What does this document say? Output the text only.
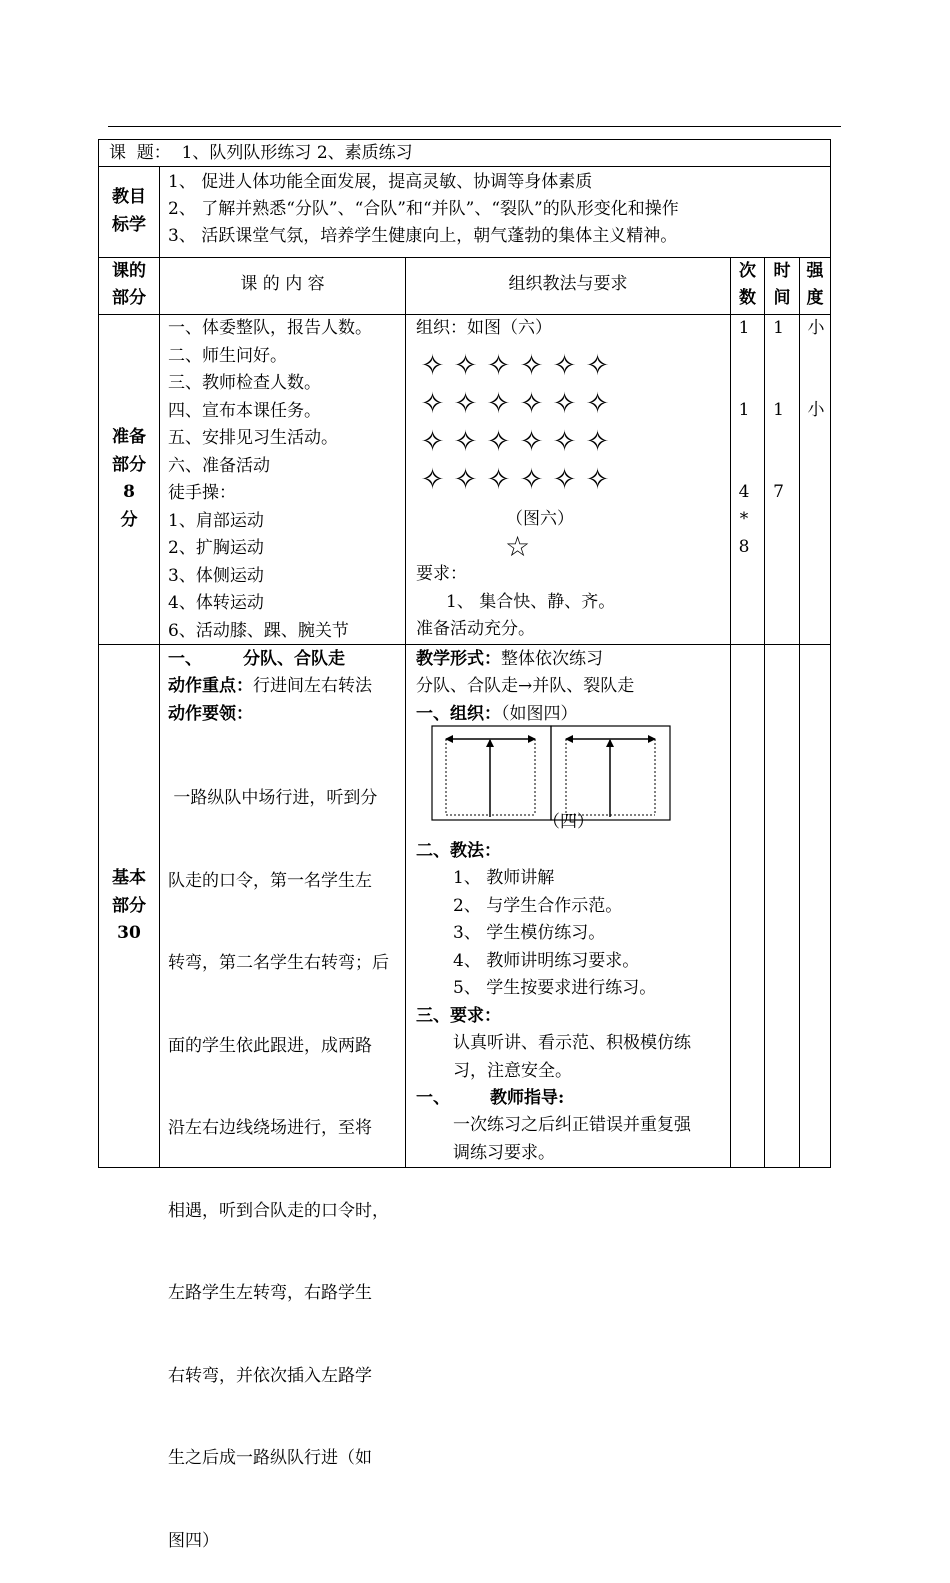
课  题：  1、队列队形练习 2、素质练习
教目
标学
1、 促进人体功能全面发展，提高灵敏、协调等身体素质
2、 了解并熟悉“分队”、“合队”和“并队”、“裂队”的队形变化和操作
3、 活跃课堂气氛，培养学生健康向上，朝气蓬勃的集体主义精神。
课的
部分
课 的 内 容	组织教法与要求
次
数
时
间
强
度
准备
部分
8
分
一、体委整队，报告人数。
二、师生问好。
三、教师检查人数。
四、宣布本课任务。
五、安排见习生活动。
六、准备活动
徒手操：
1、肩部运动
2、扩胸运动
3、体侧运动
4、体转运动
6、活动膝、踝、腕关节
组织：如图（六）
✧ ✧ ✧ ✧ ✧ ✧
✧ ✧ ✧ ✧ ✧ ✧
✧ ✧ ✧ ✧ ✧ ✧
✧ ✧ ✧ ✧ ✧ ✧
（图六）
☆
要求：
1、 集合快、静、齐。
准备活动充分。
1
1
4
*
8
1
1
7
小
小
基本
部分
30
一、 分队、合队走
动作重点：行进间左右转法
动作要领：

一路纵队中场行进，听到分

队走的口令，第一名学生左

转弯，第二名学生右转弯；后

面的学生依此跟进，成两路

沿左右边线绕场进行，至将

相遇，听到合队走的口令时，

左路学生左转弯，右路学生

右转弯，并依次插入左路学

生之后成一路纵队行进（如

图四）

教学形式：整体依次练习
分队、合队走→并队、裂队走
一、组织：（如图四）
（四）
二、教法：
1、 教师讲解
2、 与学生合作示范。
3、 学生模仿练习。
4、 教师讲明练习要求。
5、 学生按要求进行练习。
三、要求：
认真听讲、看示范、积极模仿练
习，注意安全。
一、 教师指导:
一次练习之后纠正错误并重复强
调练习要求。
